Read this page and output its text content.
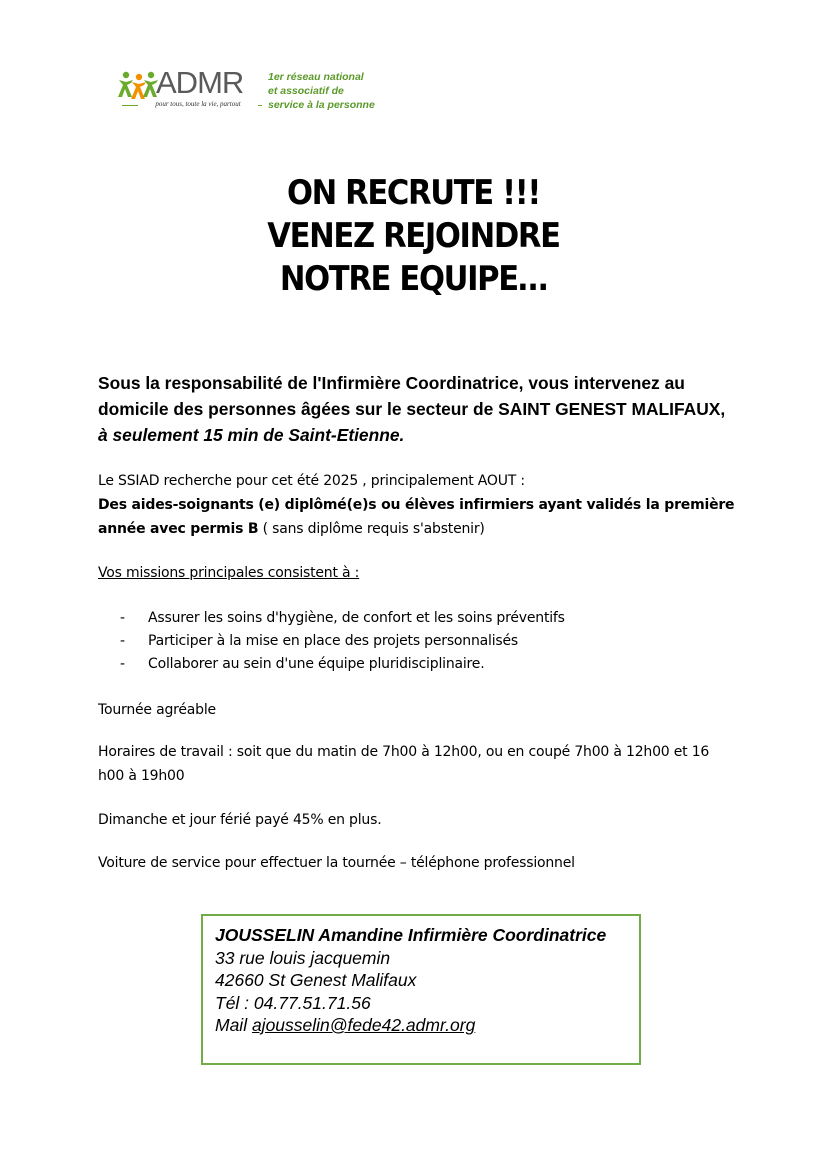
ADMR
pour tous, toute la vie, partout
1er réseau national
et associatif de
service à la personne
ON RECRUTE !!!
VENEZ REJOINDRE
NOTRE EQUIPE…
Sous la responsabilité de l'Infirmière Coordinatrice, vous intervenez au domicile des personnes âgées sur le secteur de SAINT GENEST MALIFAUX, à seulement 15 min de Saint-Etienne.
Le SSIAD recherche pour cet été 2025 , principalement AOUT :
Des aides-soignants (e) diplômé(e)s ou élèves infirmiers ayant validés la première année avec permis B ( sans diplôme requis s'abstenir)
Vos missions principales consistent à :
- Assurer les soins d'hygiène, de confort et les soins préventifs
- Participer à la mise en place des projets personnalisés
- Collaborer au sein d'une équipe pluridisciplinaire.
Tournée agréable
Horaires de travail : soit que du matin de 7h00 à 12h00, ou en coupé 7h00 à 12h00 et 16 h00 à 19h00
Dimanche et jour férié payé 45% en plus.
Voiture de service pour effectuer la tournée – téléphone professionnel
JOUSSELIN Amandine Infirmière Coordinatrice
33 rue louis jacquemin
42660 St Genest Malifaux
Tél : 04.77.51.71.56
Mail ajousselin@fede42.admr.org
